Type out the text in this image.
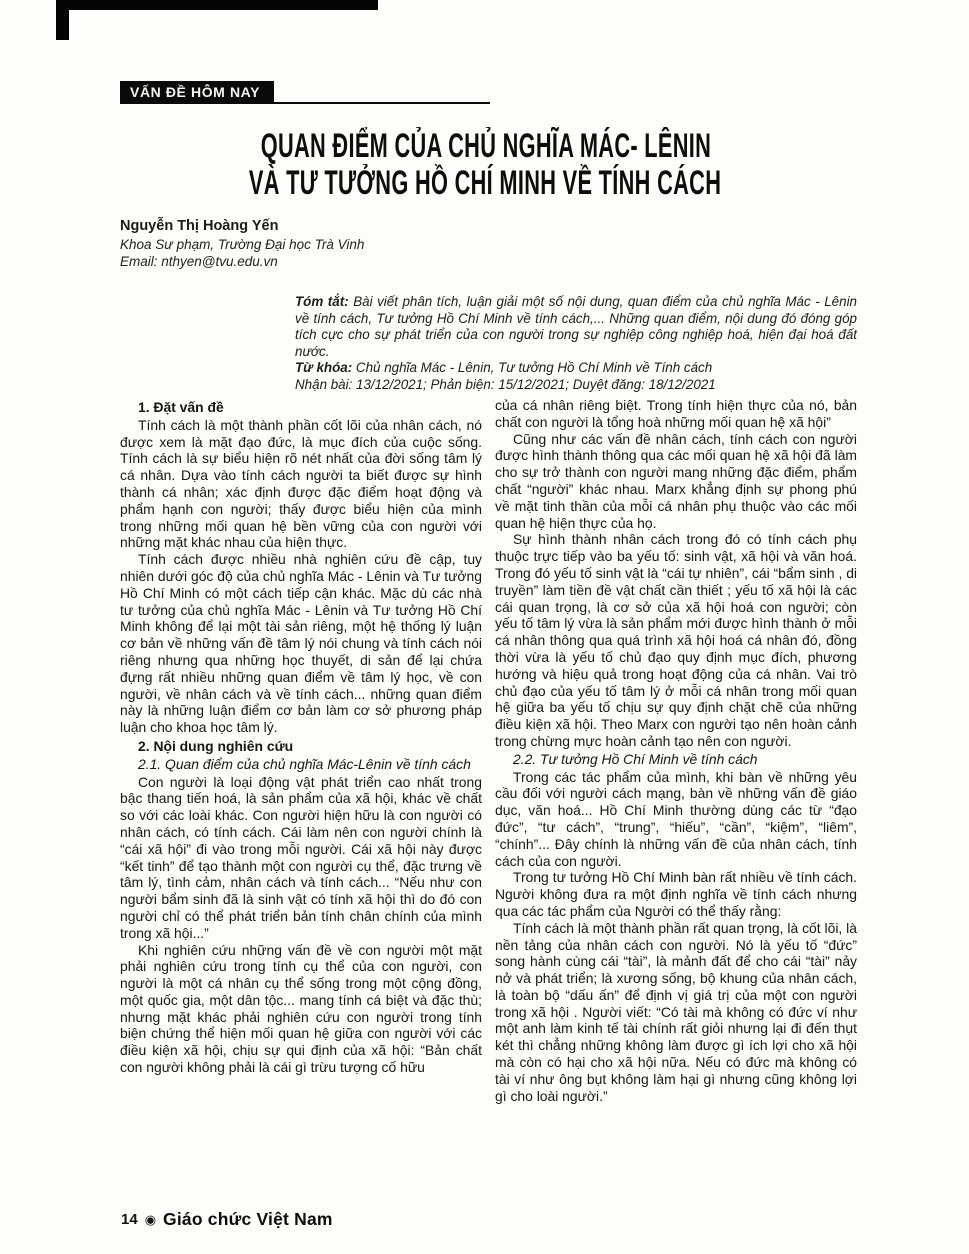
VẤN ĐỀ HÔM NAY
QUAN ĐIỂM CỦA CHỦ NGHĨA MÁC- LÊNIN
VÀ TƯ TƯỞNG HỒ CHÍ MINH VỀ TÍNH CÁCH
Nguyễn Thị Hoàng Yến
Khoa Sư phạm, Trường Đại học Trà Vinh
Email: nthyen@tvu.edu.vn

Tóm tắt: Bài viết phân tích, luận giải một số nội dung, quan điểm của chủ nghĩa Mác - Lênin về tính cách, Tư tưởng Hồ Chí Minh về tính cách,... Những quan điểm, nội dung đó đóng góp tích cực cho sự phát triển của con người trong sự nghiệp công nghiệp hoá, hiện đại hoá đất nước.

Từ khóa: Chủ nghĩa Mác - Lênin, Tư tưởng Hồ Chí Minh về Tính cách

Nhận bài: 13/12/2021; Phản biện: 15/12/2021; Duyệt đăng: 18/12/2021

1. Đặt vấn đề

Tính cách là một thành phần cốt lõi của nhân cách, nó được xem là mặt đạo đức, là mục đích của cuộc sống. Tính cách là sự biểu hiện rõ nét nhất của đời sống tâm lý cá nhân. Dựa vào tính cách người ta biết được sự hình thành cá nhân; xác định được đặc điểm hoạt động và phẩm hạnh con người; thấy được biểu hiện của mình trong những mối quan hệ bền vững của con người với những mặt khác nhau của hiện thực.

Tính cách được nhiều nhà nghiên cứu đề cập, tuy nhiên dưới góc độ của chủ nghĩa Mác - Lênin và Tư tưởng Hồ Chí Minh có một cách tiếp cận khác. Mặc dù các nhà tư tưởng của chủ nghĩa Mác - Lênin và Tư tưởng Hồ Chí Minh không để lại một tài sản riêng, một hệ thống lý luận cơ bản về những vấn đề tâm lý nói chung và tính cách nói riêng nhưng qua những học thuyết, di sản để lại chứa đựng rất nhiều những quan điểm về tâm lý học, về con người, về nhân cách và về tính cách... những quan điểm này là những luận điểm cơ bản làm cơ sở phương pháp luận cho khoa học tâm lý.

2. Nội dung nghiên cứu

2.1. Quan điểm của chủ nghĩa Mác-Lênin về tính cách

Con người là loại động vật phát triển cao nhất trong bậc thang tiến hoá, là sản phẩm của xã hội, khác về chất so với các loài khác. Con người hiện hữu là con người có nhân cách, có tính cách. Cái làm nên con người chính là “cái xã hội” đi vào trong mỗi người. Cái xã hội này được “kết tinh” để tạo thành một con người cụ thể, đặc trưng về tâm lý, tình cảm, nhân cách và tính cách... “Nếu như con người bẩm sinh đã là sinh vật có tính xã hội thì do đó con người chỉ có thể phát triển bản tính chân chính của mình trong xã hội...”

Khi nghiên cứu những vấn đề về con người một mặt phải nghiên cứu trong tính cụ thể của con người, con người là một cá nhân cụ thể sống trong một cộng đồng, một quốc gia, một dân tộc... mang tính cá biệt và đặc thù; nhưng mặt khác phải nghiên cứu con người trong tính biện chứng thể hiện mối quan hệ giữa con người với các điều kiện xã hội, chịu sự qui định của xã hội: “Bản chất con người không phải là cái gì trừu tượng cố hữu

của cá nhân riêng biệt. Trong tính hiện thực của nó, bản chất con người là tổng hoà những mối quan hệ xã hội”

Cũng như các vấn đề nhân cách, tính cách con người được hình thành thông qua các mối quan hệ xã hội đã làm cho sự trở thành con người mang những đặc điểm, phẩm chất “người” khác nhau. Marx khẳng định sự phong phú về mặt tinh thần của mỗi cá nhân phụ thuộc vào các mối quan hệ hiện thực của họ.

Sự hình thành nhân cách trong đó có tính cách phụ thuộc trực tiếp vào ba yếu tố: sinh vật, xã hội và văn hoá. Trong đó yếu tố sinh vật là “cái tự nhiên”, cái “bẩm sinh , di truyền” làm tiền đề vật chất cần thiết ; yếu tố xã hội là các cái quan trọng, là cơ sở của xã hội hoá con người; còn yếu tố tâm lý vừa là sản phẩm mới được hình thành ở mỗi cá nhân thông qua quá trình xã hội hoá cá nhân đó, đồng thời vừa là yếu tố chủ đạo quy định mục đích, phương hướng và hiệu quả trong hoạt động của cá nhân. Vai trò chủ đạo của yếu tố tâm lý ở mỗi cá nhân trong mối quan hệ giữa ba yếu tố chịu sự quy định chặt chẽ của những điều kiện xã hội. Theo Marx con người tạo nên hoàn cảnh trong chừng mực hoàn cảnh tạo nên con người.

2.2. Tư tưởng Hồ Chí Minh về tính cách

Trong các tác phẩm của mình, khi bàn về những yêu cầu đối với người cách mạng, bàn về những vấn đề giáo dục, văn hoá... Hồ Chí Minh thường dùng các từ “đạo đức”, “tư cách”, “trung”, “hiếu”, “cần”, “kiệm”, “liêm”, “chính”... Đây chính là những vấn đề của nhân cách, tính cách của con người.

Trong tư tưởng Hồ Chí Minh bàn rất nhiều về tính cách. Người không đưa ra một định nghĩa về tính cách nhưng qua các tác phẩm của Người có thể thấy rằng:

Tính cách là một thành phần rất quan trọng, là cốt lõi, là nền tảng của nhân cách con người. Nó là yếu tố “đức” song hành cùng cái “tài”, là mảnh đất để cho cái “tài” nảy nở và phát triển; là xương sống, bộ khung của nhân cách, là toàn bộ “dấu ấn” để định vị giá trị của một con người trong xã hội . Người viết: “Có tài mà không có đức ví như một anh làm kinh tế tài chính rất giỏi nhưng lại đi đến thụt két thì chẳng những không làm được gì ích lợi cho xã hội mà còn có hại cho xã hội nữa. Nếu có đức mà không có tài ví như ông bụt không làm hại gì nhưng cũng không lợi gì cho loài người.”

14 ◉ Giáo chức Việt Nam
